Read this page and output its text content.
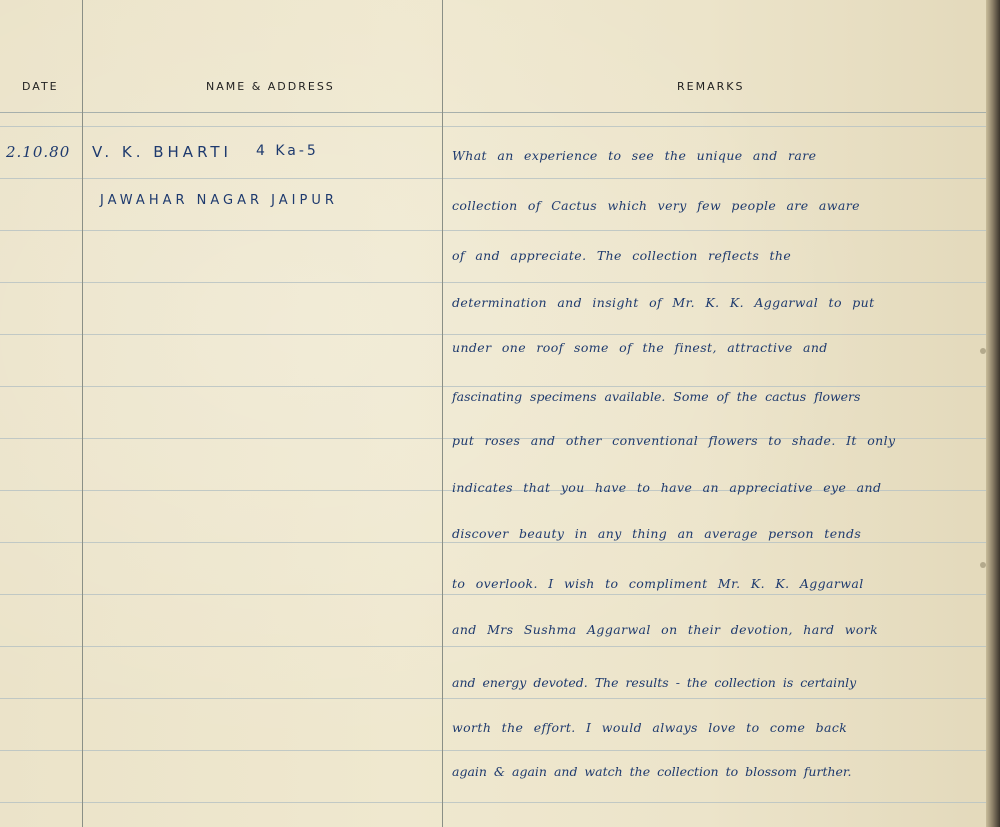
DATE	NAME & ADDRESS	REMARKS
2.10.80 V. K. BHARTI 4 Ka-5
JAWAHAR NAGAR JAIPUR
What an experience to see the unique and rare
collection of Cactus which very few people are aware
of and appreciate. The collection reflects the
determination and insight of Mr. K. K. Aggarwal to put
under one roof some of the finest, attractive and
fascinating specimens available. Some of the cactus flowers
put roses and other conventional flowers to shade. It only
indicates that you have to have an appreciative eye and
discover beauty in any thing an average person tends
to overlook. I wish to compliment Mr. K. K. Aggarwal
and Mrs Sushma Aggarwal on their devotion, hard work
and energy devoted. The results - the collection is certainly
worth the effort. I would always love to come back
again & again and watch the collection to blossom further.
